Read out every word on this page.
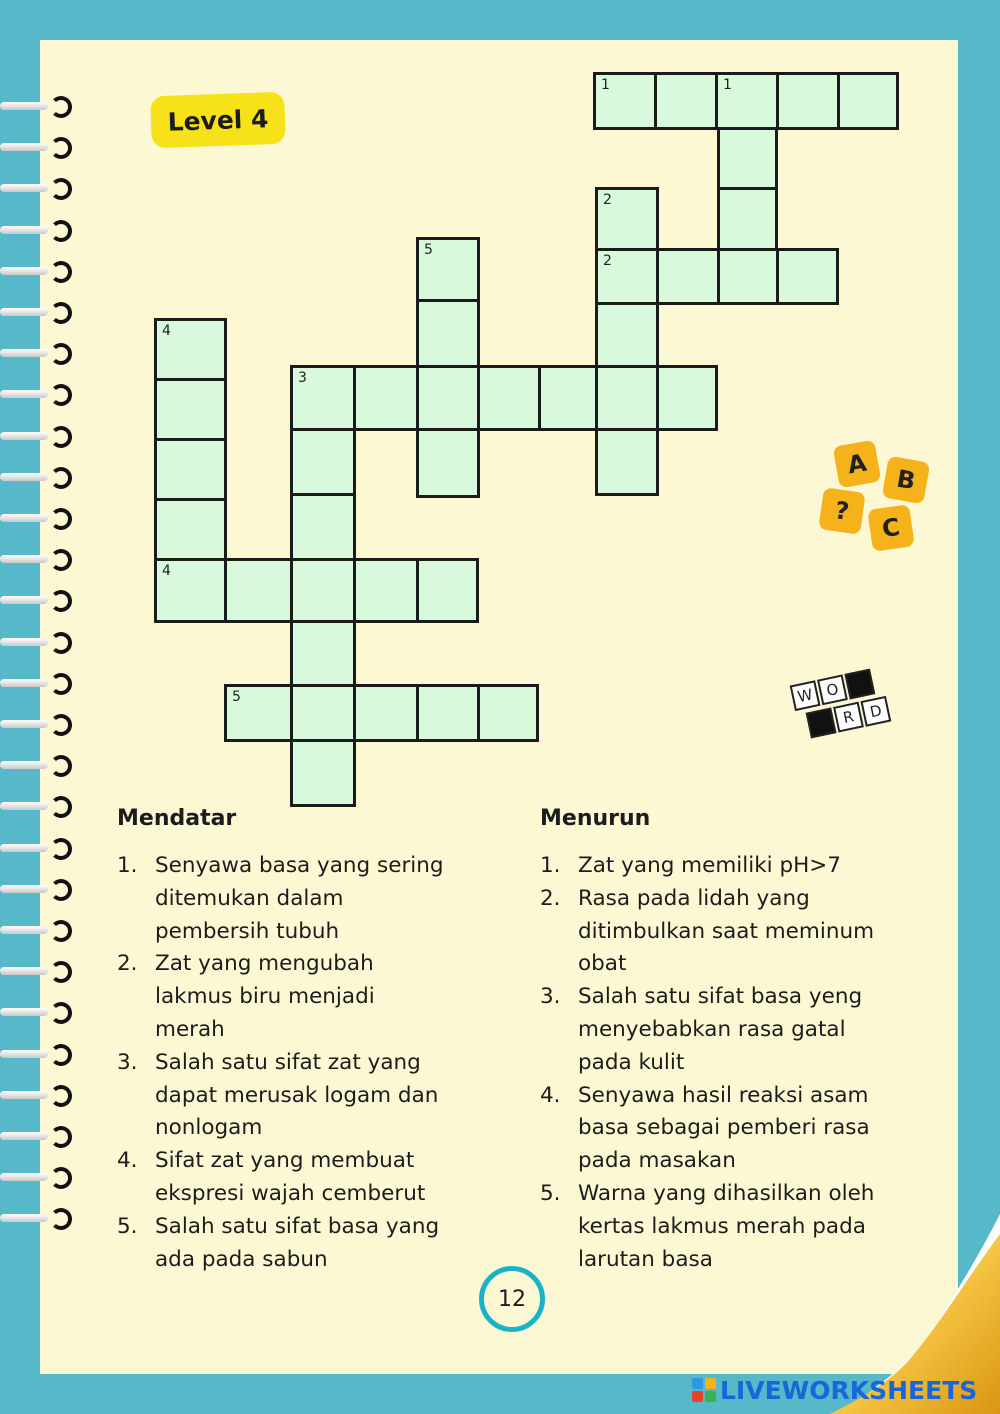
Level 4
1	1
2
2
5
3
4
4
5
A
B
?
C
W O
R D
Mendatar
1. Senyawa basa yang sering
ditemukan dalam
pembersih tubuh
2. Zat yang mengubah
lakmus biru menjadi
merah
3. Salah satu sifat zat yang
dapat merusak logam dan
nonlogam
4. Sifat zat yang membuat
ekspresi wajah cemberut
5. Salah satu sifat basa yang
ada pada sabun
Menurun
1. Zat yang memiliki pH>7
2. Rasa pada lidah yang
ditimbulkan saat meminum
obat
3. Salah satu sifat basa yeng
menyebabkan rasa gatal
pada kulit
4. Senyawa hasil reaksi asam
basa sebagai pemberi rasa
pada masakan
5. Warna yang dihasilkan oleh
kertas lakmus merah pada
larutan basa
12
LIVEWORKSHEETS
